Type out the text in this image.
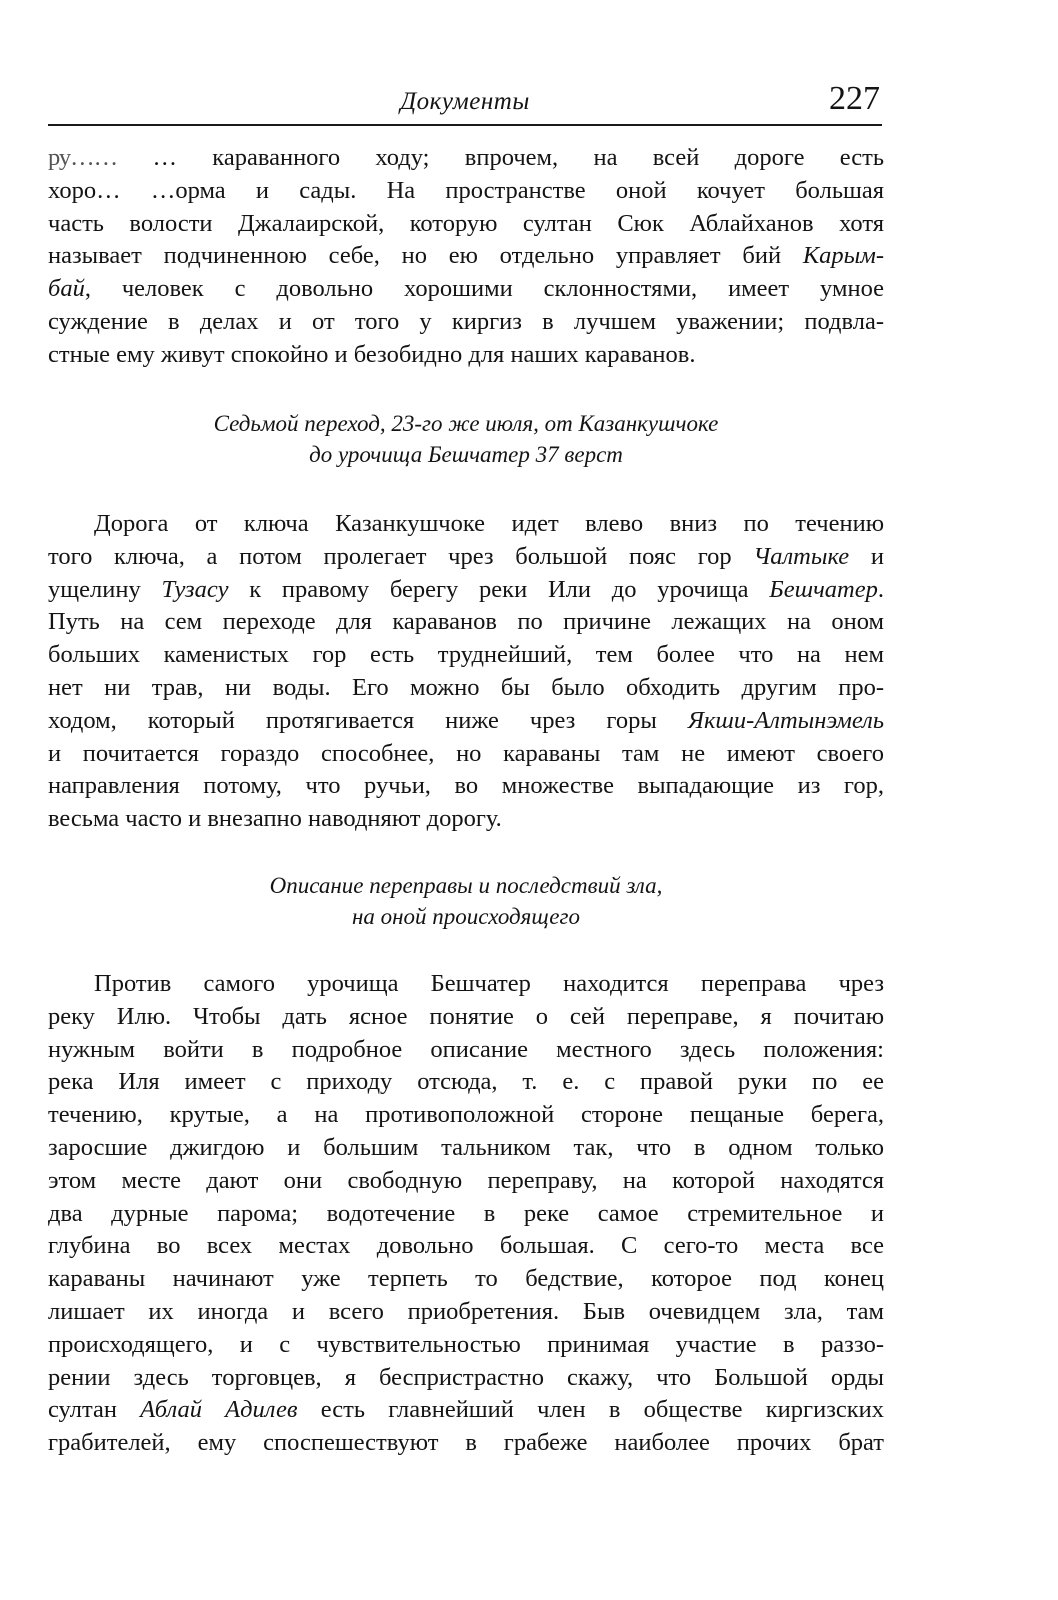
Документы	227
ру…… … караванного ходу; впрочем, на всей дороге есть
хоро… …орма и сады. На пространстве оной кочует большая
часть волости Джалаирской, которую султан Сюк Аблайханов хотя
называет подчиненною себе, но ею отдельно управляет бий Карым-
бай, человек с довольно хорошими склонностями, имеет умное
суждение в делах и от того у киргиз в лучшем уважении; подвла-
стные ему живут спокойно и безобидно для наших караванов.
Седьмой переход, 23-го же июля, от Казанкушчоке
до урочища Бешчатер 37 верст
Дорога от ключа Казанкушчоке идет влево вниз по течению
того ключа, а потом пролегает чрез большой пояс гор Чалтыке и
ущелину Тузасу к правому берегу реки Или до урочища Бешчатер.
Путь на сем переходе для караванов по причине лежащих на оном
больших каменистых гор есть труднейший, тем более что на нем
нет ни трав, ни воды. Его можно бы было обходить другим про-
ходом, который протягивается ниже чрез горы Якши-Алтынэмель
и почитается гораздо способнее, но караваны там не имеют своего
направления потому, что ручьи, во множестве выпадающие из гор,
весьма часто и внезапно наводняют дорогу.
Описание переправы и последствий зла,
на оной происходящего
Против самого урочища Бешчатер находится переправа чрез
реку Илю. Чтобы дать ясное понятие о сей переправе, я почитаю
нужным войти в подробное описание местного здесь положения:
река Иля имеет с приходу отсюда, т. е. с правой руки по ее
течению, крутые, а на противоположной стороне пещаные берега,
заросшие джигдою и большим тальником так, что в одном только
этом месте дают они свободную переправу, на которой находятся
два дурные парома; водотечение в реке самое стремительное и
глубина во всех местах довольно большая. С сего-то места все
караваны начинают уже терпеть то бедствие, которое под конец
лишает их иногда и всего приобретения. Быв очевидцем зла, там
происходящего, и с чувствительностью принимая участие в раззо-
рении здесь торговцев, я беспристрастно скажу, что Большой орды
султан Аблай Адилев есть главнейший член в обществе киргизских
грабителей, ему споспешествуют в грабеже наиболее прочих брат
